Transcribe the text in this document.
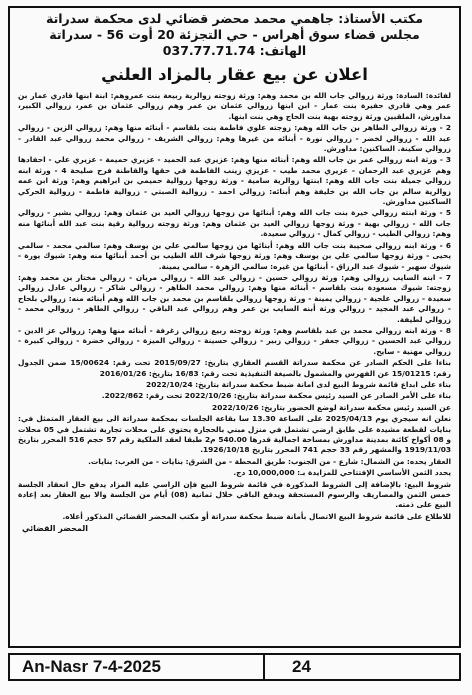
مكتب الأستاذ: جاهمي محمد محضر قضائي لدى محكمة سدراتة
مجلس قضاء سوق أهراس - حي التجزئة 20 أوت 56 - سدراتة
الهاتف: 037.77.71.74
اعلان عن بيع عقار بالمزاد العلني

لفائدة: السادة: ورثة زروالي جاب الله بن محمد وهم: ورثة زوجته زوالرية ربيعة بنت عمروهم: ابنة ابنها قادري عمار بن عمر وهي قادري حفيرة بنت عمار - ابن ابنها زروالي عثمان بن عمر وهم زروالي عثمان بن عمر، زروالي الكبير، مداورش، الملقبين ورثة زوجته بهية بنت الحاج وهي بنت ابنها.

2 - ورثة زروالي الطاهر بن جاب الله وهم: زوجته علوي فاطمة بنت بلقاسم - أبنائه منها وهم: زروالي الزين - زروالي عبد الله - زروالي لخضر - زروالي نورة - أبنائه من غيرها وهم: زروالي الشريف - زروالي محمد زروالي عبد القادر - زروالي سكينة. الساكنين: مداورش.

3 - ورثة ابنه زروالي عمر بن جاب الله وهم: أبنائه منها وهم: عزيري عبد الحميد - عزيري حميمة - عزيري علي - احفادها وهم عزيري عبد الرحمان - عزيري محمد طيب - عزيزي زينب الفاطمة في حقها والقاطنة فرح صليحة 4 - ورثة ابنه زروالي جميلة بنت جاب الله وهم: ابنتها زوالرية سامية - ورثة زوجها زروالية حميمي بن ابراهيم وهم: ورثة ابن عمه زوالرية سالم بن جاب الله بن خليفة وهم أبنائه: زروالي احمد - زروالية الصبتي - زروالية فاطمة - زروالية الحركي الساكنين مداورش.

5 - ورثة ابنته زروالي خيرة بنت جاب الله وهم: أبنائها من زوجها زروالي العيد بن عثمان وهم: زروالي بشير - زروالي جاب الله - زروالي بهية - ورثة زوجها زروالي العيد بن عثمان وهم: ورثة زوجته زروالية رقية بنت عبد الله أبنائها منه وهم: زروالي الطيب - زروالي كمال - زروالي سعيدة.

6 - ورثة ابنه زروالي صحيبة بنت جاب الله وهم: أبنائها من زوجها سالمي علي بن يوسف وهم: سالمي محمد - سالمي يحيى - ورثة زوجها سالمي علي بن يوسف وهم: ورثة زوجها شرف الله الطيب بن أحمد أبنائها منه وهم: شيوك يورة - شيوك سهير - شيوك عبد الرزاق - أبنائها من غيره: سالمي الزهرة - سالمي يمينة.

7 - ابنه السايب زروالي وهم: ورثة زروالي حسين - زروالي عبد الله - زروالي مريان - زروالي مختار بن محمد وهم: زوجته: شيوك مسعودة بنت بلقاسم - أبنائه منها وهم: زروالي محمد الطاهر - زروالي شاكر - زروالي عادل زروالي سعيدة - زروالي علجية - زروالي يمينة - ورثة زوجها زروالي بلقاسم بن محمد بن جاب الله وهم أبنائه منه: زروالي بلحاح - زروالي عبد المجيد - زروالي ورثة أبنه السايب بن عمر وهم زروالي عبد الباقي - زروالي الطاهر - زروالي محمد - زروالي لطيفة.

8 - ورثة ابنه زروالي محمد بن عبد بلقاسم وهم: ورثة زوجته ربيع زروالي زغرفة - أبنائه منها وهم: زروالي عز الدين - زروالي عبد الحسين - زروالي جعفر - زروالي زبير - زروالي حسينة - زروالي الميزة - زروالي خضرة - زروالي كبيرة - زروالي مهنية - سايح.

بناءا على الحكم الصادر عن محكمة سدراتة القسم العقاري بتاريخ: 2015/09/27 تحت رقم: 15/00624 ضمن الجدول رقم: 15/01215 عن الفهرس والمشمول بالصيغة التنفيذية تحت رقم: 16/83 بتاريخ: 2016/01/26

بناء على ابداع قائمة شروط البيع لدى امانة ضبط محكمة سدراتة بتاريخ: 2022/10/24

بناء على الأمر الصادر عن السيد رئيس محكمة سدراتة بتاريخ: 2022/10/26 تحت رقم: 2022/862.

عن السيد رئيس محكمة سدراتة لوضع الحضور بتاريخ: 2022/10/26

نعلن انه سيجري يوم 2025/04/13 على الساعة 13.30 سا بقاعة الجلسات بمحكمة سدراتة الى بيع العقار المتمثل في: بنايات لقطعة مشيدة على طابق ارضي تشتمل في منزل مبني بالحجارة يحتوي على محلات تجارية تشتمل في 05 محلات و 08 أكواخ كائنة بمدينة مداورش بمساحة اجمالية قدرها 540.00 م2 طبقا لعقد الملكية رقم 57 حجم 516 المحرر بتاريخ 1919/11/03 والمشهر رقم 33 حجم 741 المحرر بتاريخ 1926/10/18.

العقار يحده: من الشمال: شارع - من الجنوب: طريق المحطة - من الشرق: بنايات - من الغرب: بنايات.

يحدد الثمن الأساسي الإفتتاحي للمزايدة بـ: 10,000,000 دج.

شروط البيع: بالإضافة إلى الشروط المذكورة في قائمة شروط البيع فإن الراسي عليه المزاد يدفع حال انعقاد الجلسة خمس الثمن والمصاريف والرسوم المستحقة ويدفع الباقي خلال ثمانية (08) أيام من الجلسة والا بيع العقار بعد إعادة البيع على ذمته.

للاطلاع على قائمة شروط البيع الاتصال بأمانة ضبط محكمة سدراتة أو مكتب المحضر القضائي المذكور أعلاه.

المحضر القضائي
An-Nasr 7-4-2025	24
